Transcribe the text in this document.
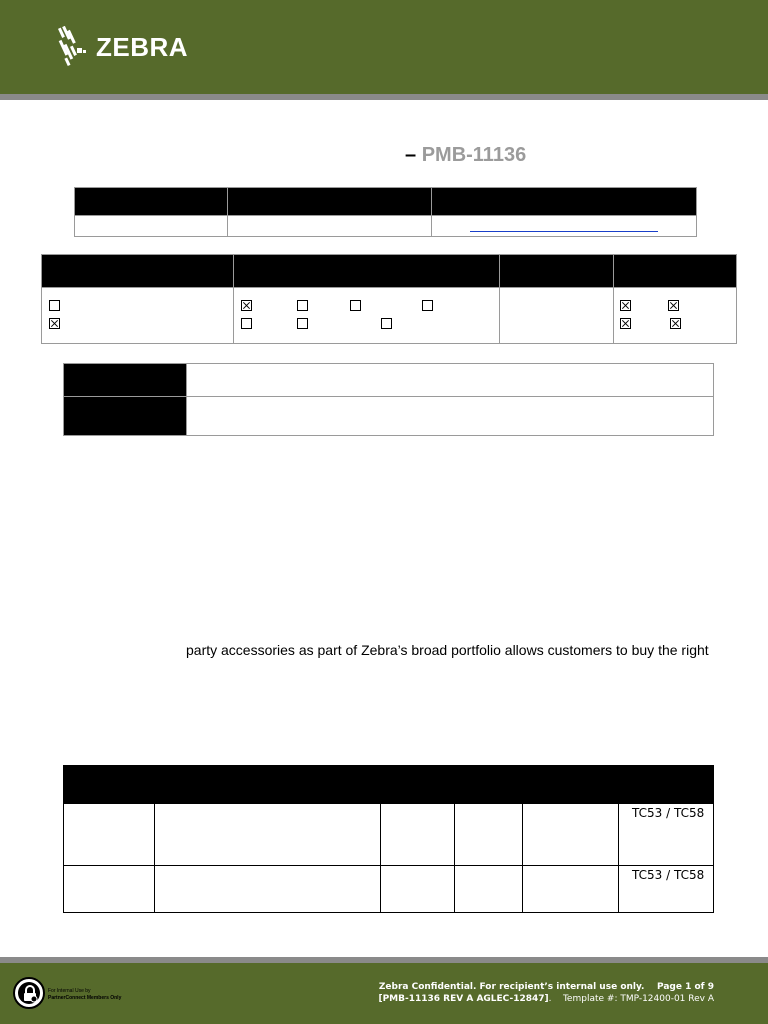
ZEBRA
– PMB-11136

party accessories as part of Zebra’s broad portfolio allows customers to buy the right

					TC53 / TC58
					TC53 / TC58
For Internal Use by
PartnerConnect Members Only
Zebra Confidential. For recipient’s internal use only. Page 1 of 9
[PMB-11136 REV A AGLEC-12847].    Template #: TMP-12400-01 Rev A
